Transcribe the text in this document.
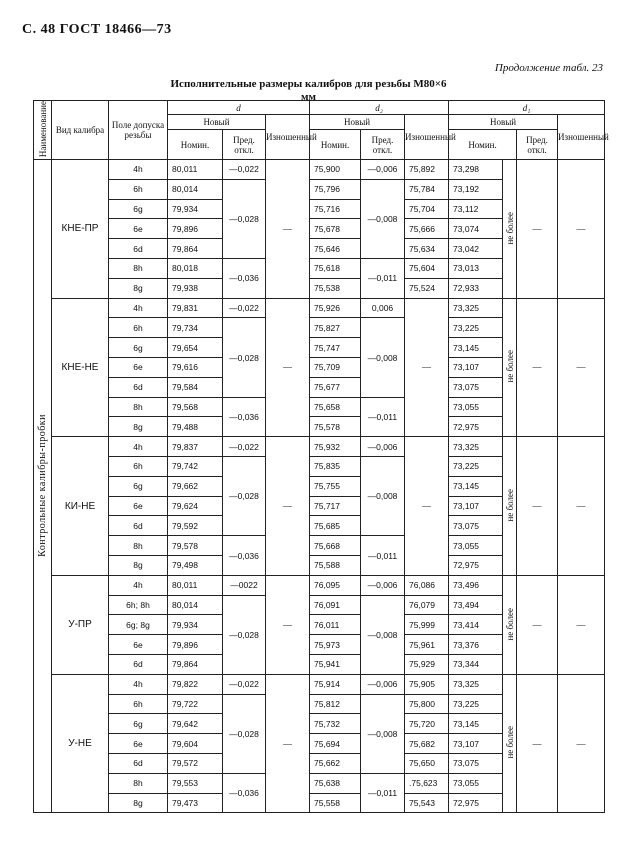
С. 48 ГОСТ 18466—73
Продолжение табл. 23
Исполнительные размеры калибров для резьбы М80×6
мм
Наименование	Вид калибра	Поле допуска резьбы	d			d₂			d₁			
			Новый		Изношенный	Новый		Изношенный	Новый			Изношенный
			Номин.	Пред. откл.		Номин.	Пред. откл.		Номин.		Пред. откл.	
Контрольные калибры-пробки	КНЕ-ПР	4h	80,011	—0,022	—	75,900	—0,006	75,892	73,298	не более	—	—
		6h	80,014	—0,028		75,796	—0,008	75,784	73,192			
		6g	79,934			75,716		75,704	73,112			
		6e	79,896			75,678		75,666	73,074			
		6d	79,864			75,646		75,634	73,042			
		8h	80,018	—0,036		75,618	—0,011	75,604	73,013			
		8g	79,938			75,538		75,524	72,933			
	КНЕ-НЕ	4h	79,831	—0,022	—	75,926	0,006	—	73,325	не более	—	—
		6h	79,734	—0,028		75,827	—0,008		73,225			
		6g	79,654			75,747			73,145			
		6e	79,616			75,709			73,107			
		6d	79,584			75,677			73,075			
		8h	79,568	—0,036		75,658	—0,011		73,055			
		8g	79,488			75,578			72,975			
	КИ-НЕ	4h	79,837	—0,022	—	75,932	—0,006	—	73,325	не более	—	—
		6h	79,742	—0,028		75,835	—0,008		73,225			
		6g	79,662			75,755			73,145			
		6e	79,624			75,717			73,107			
		6d	79,592			75,685			73,075			
		8h	79,578	—0,036		75,668	—0,011		73,055			
		8g	79,498			75,588			72,975			
	У-ПР	4h	80,011	—0022	—	76,095	—0,006	76,086	73,496	не более	—	—
		6h; 8h	80,014	—0,028		76,091	—0,008	76,079	73,494			
		6g; 8g	79,934			76,011		75,999	73,414			
		6e	79,896			75,973		75,961	73,376			
		6d	79,864			75,941		75,929	73,344			
	У-НЕ	4h	79,822	—0,022	—	75,914	—0,006	75,905	73,325	не более	—	—
		6h	79,722	—0,028		75,812	—0,008	75,800	73,225			
		6g	79,642			75,732		75,720	73,145			
		6e	79,604			75,694		75,682	73,107			
		6d	79,572			75,662		75,650	73,075			
		8h	79,553	—0,036		75,638	—0,011	.75,623	73,055			
		8g	79,473			75,558		75,543	72,975			
